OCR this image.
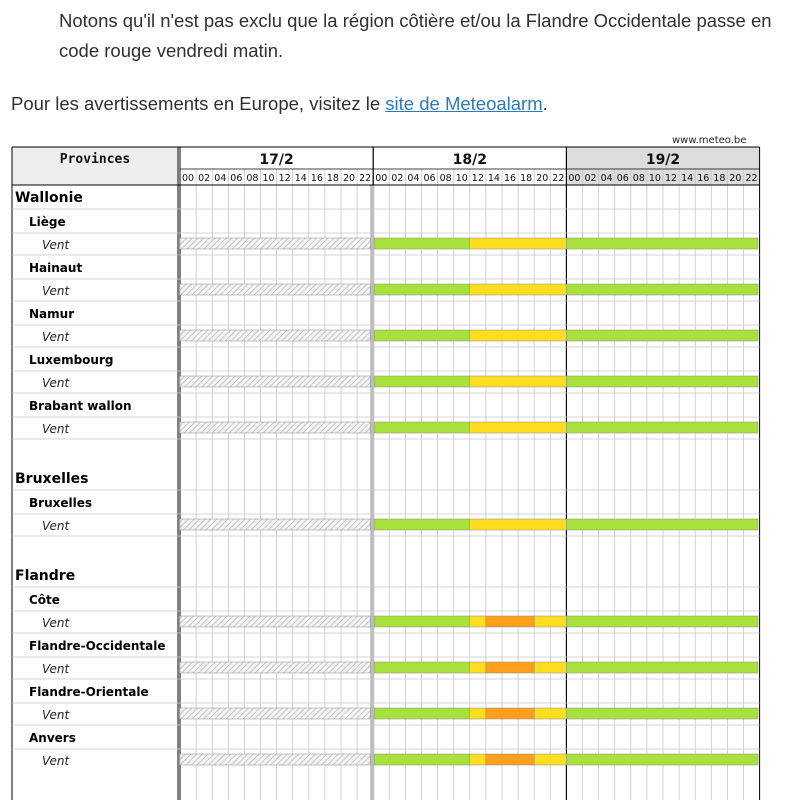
Notons qu'il n'est pas exclu que la région côtière et/ou la Flandre Occidentale passe en code rouge vendredi matin.

Pour les avertissements en Europe, visitez le site de Meteoalarm.

www.meteo.be
Provinces	17/2
00 02 04 06 08 10 12 14 16 18 20 22
18/2
00 02 04 06 08 10 12 14 16 18 20 22
19/2
00 02 04 06 08 10 12 14 16 18 20 22
Wallonie
Liège
Vent
Hainaut
Vent
Namur
Vent
Luxembourg
Vent
Brabant wallon
Vent
Bruxelles
Bruxelles
Vent
Flandre
Côte
Vent
Flandre-Occidentale
Vent
Flandre-Orientale
Vent
Anvers
Vent
